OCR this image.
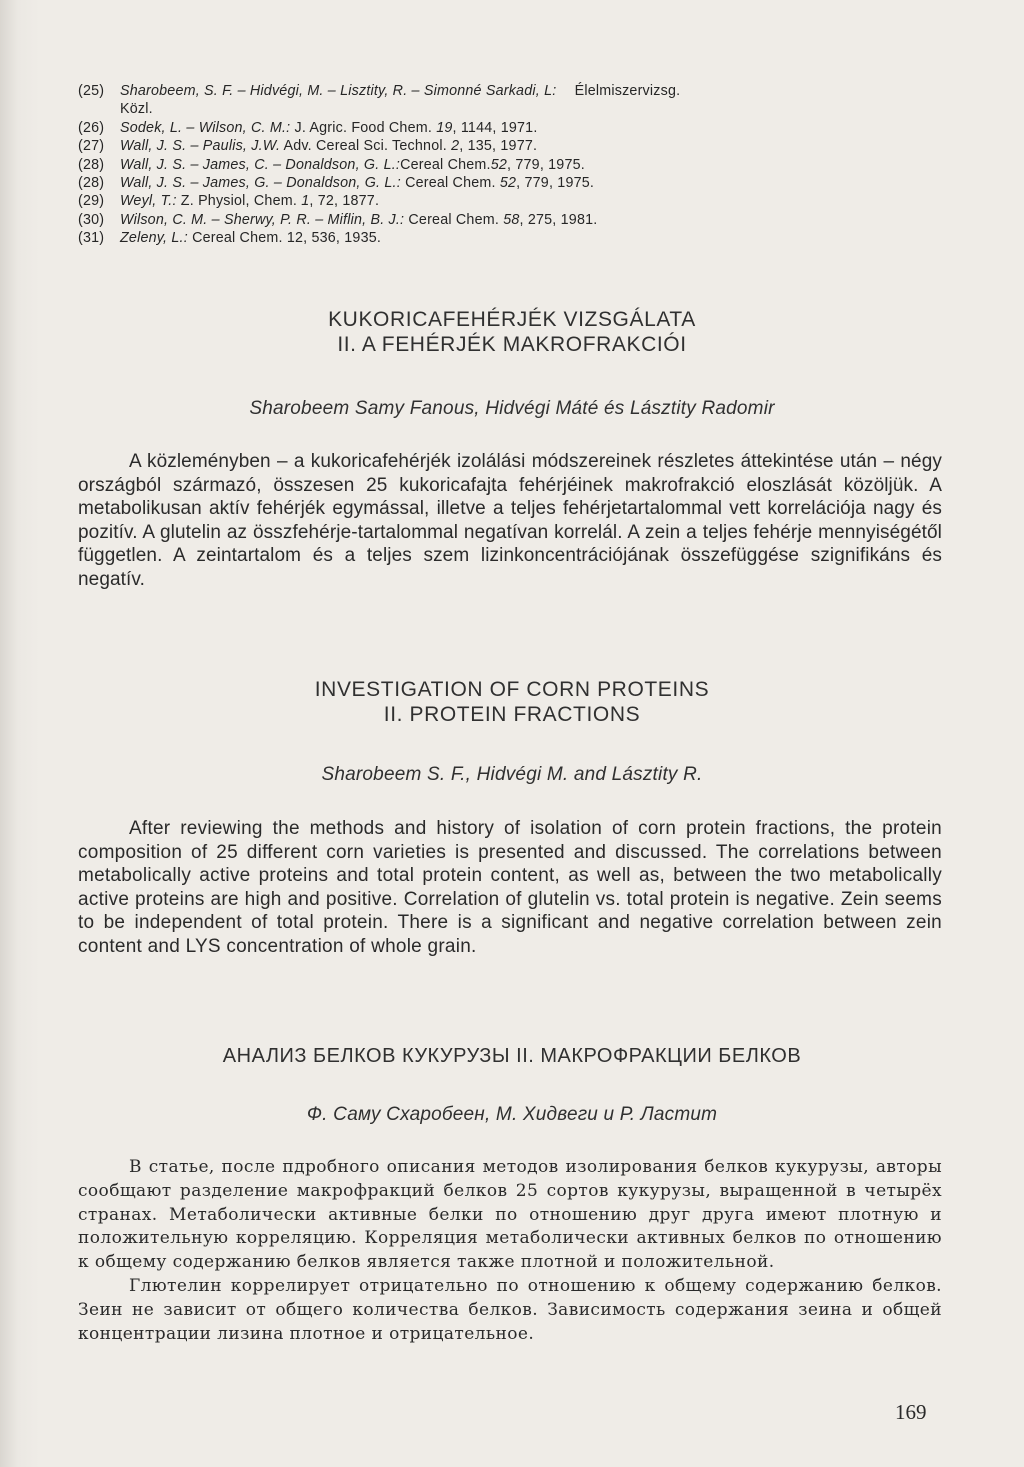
(25) Sharobeem, S. F. – Hidvégi, M. – Lisztity, R. – Simonné Sarkadi, L: Élelmiszervizsg.
Közl.
(26) Sodek, L. – Wilson, C. M.: J. Agric. Food Chem. 19, 1144, 1971.
(27) Wall, J. S. – Paulis, J.W. Adv. Cereal Sci. Technol. 2, 135, 1977.
(28) Wall, J. S. – James, C. – Donaldson, G. L.:Cereal Chem.52, 779, 1975.
(28) Wall, J. S. – James, G. – Donaldson, G. L.: Cereal Chem. 52, 779, 1975.
(29) Weyl, T.: Z. Physiol, Chem. 1, 72, 1877.
(30) Wilson, C. M. – Sherwy, P. R. – Miflin, B. J.: Cereal Chem. 58, 275, 1981.
(31) Zeleny, L.: Cereal Chem. 12, 536, 1935.
KUKORICAFEHÉRJÉK VIZSGÁLATA
II. A FEHÉRJÉK MAKROFRAKCIÓI
Sharobeem Samy Fanous, Hidvégi Máté és Lásztity Radomir

A közleményben – a kukoricafehérjék izolálási módszereinek részletes áttekintése után – négy országból származó, összesen 25 kukoricafajta fehérjéinek makrofrakció eloszlását közöljük. A metabolikusan aktív fehérjék egymással, illetve a teljes fehérjetartalommal vett korrelációja nagy és pozitív. A glutelin az összfehérje-tartalommal negatívan korrelál. A zein a teljes fehérje mennyiségétől független. A zeintartalom és a teljes szem lizinkoncentrációjának összefüggése szignifikáns és negatív.

INVESTIGATION OF CORN PROTEINS
II. PROTEIN FRACTIONS
Sharobeem S. F., Hidvégi M. and Lásztity R.

After reviewing the methods and history of isolation of corn protein fractions, the protein composition of 25 different corn varieties is presented and discussed. The correlations between metabolically active proteins and total protein content, as well as, between the two metabolically active proteins are high and positive. Correlation of glutelin vs. total protein is negative. Zein seems to be independent of total protein. There is a significant and negative correlation between zein content and LYS concentration of whole grain.

АНАЛИЗ БЕЛКОВ КУКУРУЗЫ II. МАКРОФРАКЦИИ БЕЛКОВ
Ф. Саму Схаробеен, М. Хидвеги и Р. Ластит

В статье, после пдробного описания методов изолирования белков кукурузы, авторы сообщают разделение макрофракций белков 25 сортов кукурузы, выращенной в четырёх странах. Метаболически активные белки по отношению друг друга имеют плотную и положительную корреляцию. Корреляция метаболически активных белков по отношению к общему содержанию белков является также плотной и положительной.

Глютелин коррелирует отрицательно по отношению к общему содержанию белков. Зеин не зависит от общего количества белков. Зависимость содержания зеина и общей концентрации лизина плотное и отрицательное.

169
